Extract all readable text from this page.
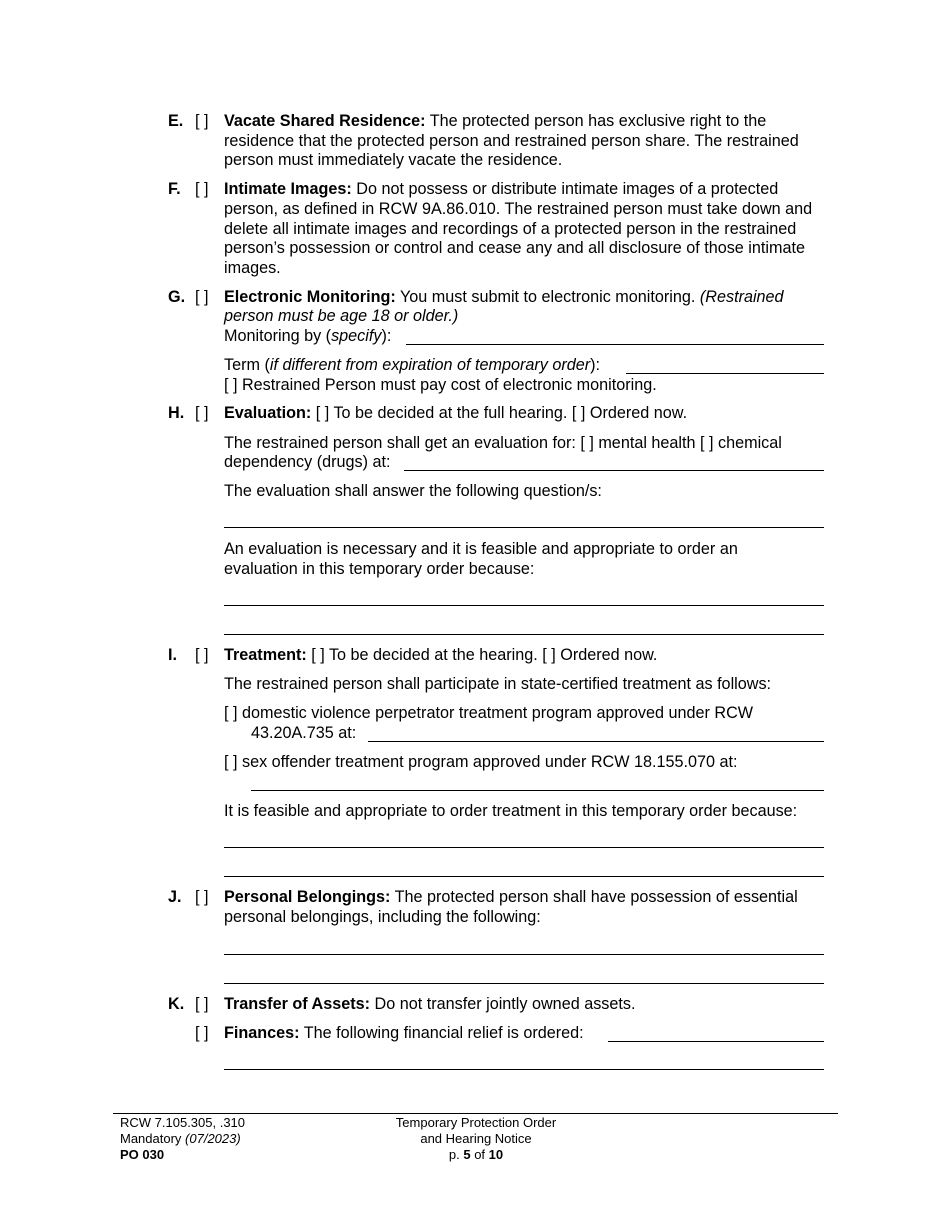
E. [ ] Vacate Shared Residence: The protected person has exclusive right to the
residence that the protected person and restrained person share. The restrained
person must immediately vacate the residence.
F. [ ] Intimate Images: Do not possess or distribute intimate images of a protected
person, as defined in RCW 9A.86.010. The restrained person must take down and
delete all intimate images and recordings of a protected person in the restrained
person’s possession or control and cease any and all disclosure of those intimate
images.
G. [ ] Electronic Monitoring: You must submit to electronic monitoring. (Restrained
person must be age 18 or older.)
Monitoring by (specify):
Term (if different from expiration of temporary order):
[ ] Restrained Person must pay cost of electronic monitoring.
H. [ ] Evaluation: [ ] To be decided at the full hearing. [ ] Ordered now.
The restrained person shall get an evaluation for: [ ] mental health [ ] chemical
dependency (drugs) at:
The evaluation shall answer the following question/s:
An evaluation is necessary and it is feasible and appropriate to order an
evaluation in this temporary order because:
I. [ ] Treatment: [ ] To be decided at the hearing. [ ] Ordered now.
The restrained person shall participate in state-certified treatment as follows:
[ ] domestic violence perpetrator treatment program approved under RCW
43.20A.735 at:
[ ] sex offender treatment program approved under RCW 18.155.070 at:
It is feasible and appropriate to order treatment in this temporary order because:
J. [ ] Personal Belongings: The protected person shall have possession of essential
personal belongings, including the following:
K. [ ] Transfer of Assets: Do not transfer jointly owned assets.
[ ] Finances: The following financial relief is ordered:
RCW 7.105.305, .310
Mandatory (07/2023)
PO 030
Temporary Protection Order
and Hearing Notice
p. 5 of 10
